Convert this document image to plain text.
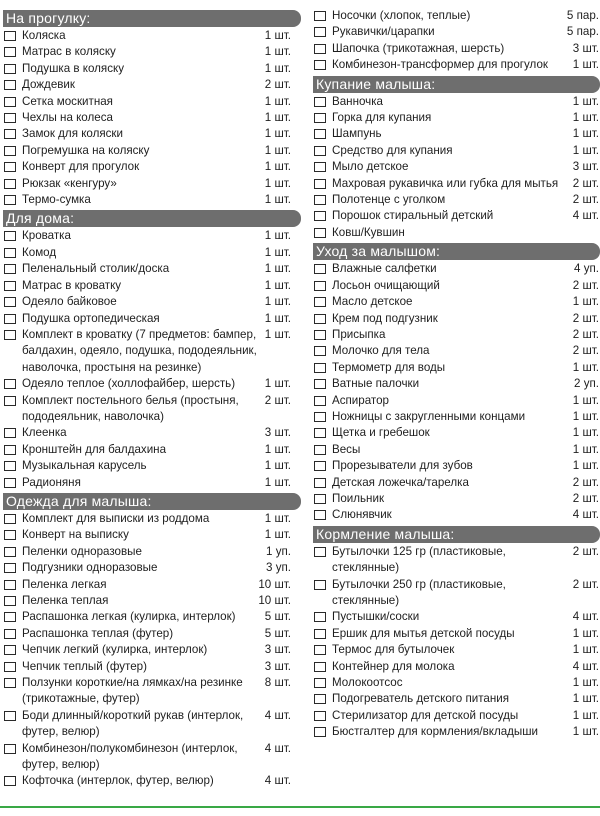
На прогулку:
Коляска	1 шт.
Матрас в коляску	1 шт.
Подушка в коляску	1 шт.
Дождевик	2 шт.
Сетка москитная	1 шт.
Чехлы на колеса	1 шт.
Замок для коляски	1 шт.
Погремушка на коляску	1 шт.
Конверт для прогулок	1 шт.
Рюкзак «кенгуру»	1 шт.
Термо-сумка	1 шт.
Для дома:
Кроватка	1 шт.
Комод	1 шт.
Пеленальный столик/доска	1 шт.
Матрас в кроватку	1 шт.
Одеяло байковое	1 шт.
Подушка ортопедическая	1 шт.
Комплект в кроватку (7 предметов: бампер, балдахин, одеяло, подушка, пододеяльник, наволочка, простыня на резинке)
1 шт.
Одеяло теплое (холлофайбер, шерсть)	1 шт.
Комплект постельного белья (простыня, пододеяльник, наволочка)
2 шт.
Клеенка	3 шт.
Кронштейн для балдахина	1 шт.
Музыкальная карусель	1 шт.
Радионяня	1 шт.
Одежда для малыша:
Комплект для выписки из роддома	1 шт.
Конверт на выписку	1 шт.
Пеленки одноразовые	1 уп.
Подгузники одноразовые	3 уп.
Пеленка легкая	10 шт.
Пеленка теплая	10 шт.
Распашонка легкая (кулирка, интерлок)	5 шт.
Распашонка теплая (футер)	5 шт.
Чепчик легкий (кулирка, интерлок)	3 шт.
Чепчик теплый (футер)	3 шт.
Ползунки короткие/на лямках/на резинке (трикотажные, футер)
8 шт.
Боди длинный/короткий рукав (интерлок, футер, велюр)
4 шт.
Комбинезон/полукомбинезон (интерлок, футер, велюр)
4 шт.
Кофточка (интерлок, футер, велюр)	4 шт.
Носочки (хлопок, теплые)	5 пар.
Рукавички/царапки	5 пар.
Шапочка (трикотажная, шерсть)	3 шт.
Комбинезон-трансформер для прогулок	1 шт.
Купание малыша:
Ванночка	1 шт.
Горка для купания	1 шт.
Шампунь	1 шт.
Средство для купания	1 шт.
Мыло детское	3 шт.
Махровая рукавичка или губка для мытья	2 шт.
Полотенце с уголком	2 шт.
Порошок стиральный детский	4 шт.
Ковш/Кувшин
Уход за малышом:
Влажные салфетки	4 уп.
Лосьон очищающий	2 шт.
Масло детское	1 шт.
Крем под подгузник	2 шт.
Присыпка	2 шт.
Молочко для тела	2 шт.
Термометр для воды	1 шт.
Ватные палочки	2 уп.
Аспиратор	1 шт.
Ножницы с закругленными концами	1 шт.
Щетка и гребешок	1 шт.
Весы	1 шт.
Прорезыватели для зубов	1 шт.
Детская ложечка/тарелка	2 шт.
Поильник	2 шт.
Слюнявчик	4 шт.
Кормление малыша:
Бутылочки 125 гр (пластиковые, стеклянные)
2 шт.
Бутылочки 250 гр (пластиковые, стеклянные)
2 шт.
Пустышки/соски	4 шт.
Ершик для мытья детской посуды	1 шт.
Термос для бутылочек	1 шт.
Контейнер для молока	4 шт.
Молокоотсос	1 шт.
Подогреватель детского питания	1 шт.
Стерилизатор для детской посуды	1 шт.
Бюстгалтер для кормления/вкладыши	1 шт.
